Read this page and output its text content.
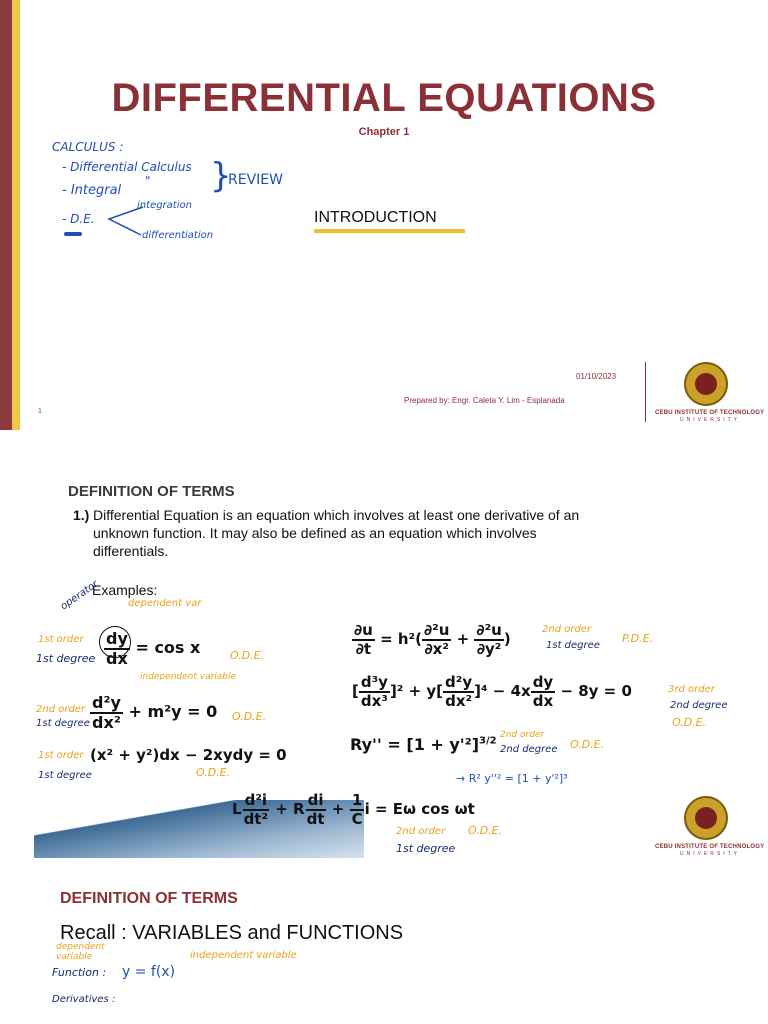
DIFFERENTIAL EQUATIONS
Chapter 1
CALCULUS :
- Differential Calculus
"
- Integral	}
REVIEW
- D.E.
integration
differentiation
INTRODUCTION
01/10/2023
Prepared by: Engr. Caleta Y. Lim - Esplanada
1	CEBU INSTITUTE OF TECHNOLOGY
UNIVERSITY
DEFINITION OF TERMS
1.) Differential Equation is an equation which involves at least one derivative of an unknown function. It may also be defined as an equation which involves differentials.
Examples:
operator	dependent var
1st order
1st degree $\frac{dy}{dx} = \cos x$	O.D.E.
independent variable
2nd order
1st degree $\frac{\text{d²y}}{\text{dx²}} + m^2y = 0$ O.D.E.
1st order
1st degree
(x² + y²)dx − 2xydy = 0
O.D.E.
L $\frac{\text{d²i}}{\text{dt²}} + R \frac{di}{dt} + \frac{1}{C}$ i = Eω cos ωt
2nd order
1st degree
O.D.E.
$\frac{\partial u}{\partial t} = h^2( \frac{\text{∂²u}}{\text{∂x²}} + \frac{\text{∂²u}}{\text{∂y²}}$ )
2nd order
1st degree
P.D.E.
[ $\frac{\text{d³y}}{\text{dx³}} ]^2 + y[ \frac{\text{d²y}}{\text{dx²}} ]^4 - 4x \frac{dy}{dx} - 8y = 0$	3rd order
2nd degree
O.D.E.
$Ry'' = [1 + y'^2]^{3/2}$
2nd order
2nd degree O.D.E.
→ R² y''² = [1 + y'²]³
CEBU INSTITUTE OF TECHNOLOGY
UNIVERSITY
DEFINITION OF TERMS
Recall : VARIABLES and FUNCTIONS
dependent variable	independent variable
Function : y = f(x)
Derivatives :
